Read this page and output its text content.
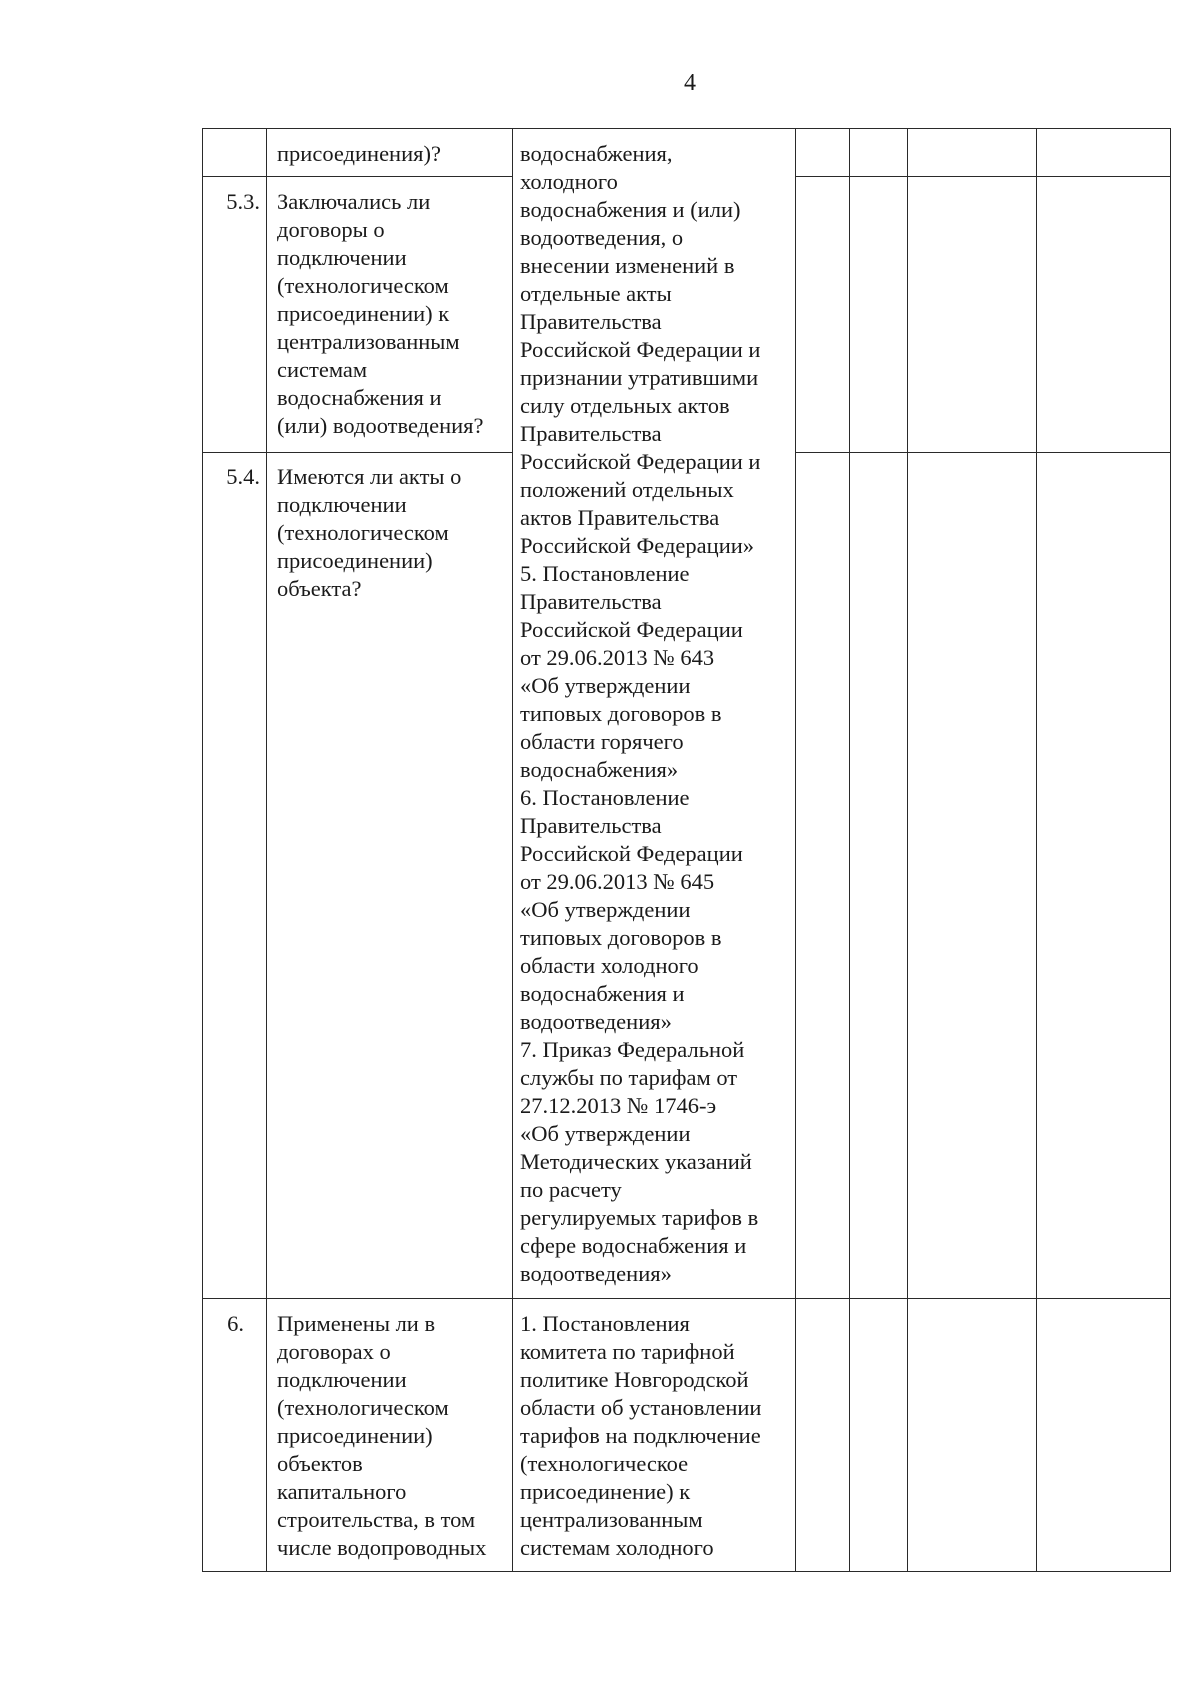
4
присоединения)?
5.3. Заключались ли
договоры о
подключении
(технологическом
присоединении) к
централизованным
системам
водоснабжения и
(или) водоотведения?
5.4. Имеются ли акты о
подключении
(технологическом
присоединении)
объекта?
6. Применены ли в
договорах о
подключении
(технологическом
присоединении)
объектов
капитального
строительства, в том
числе водопроводных
водоснабжения,
холодного
водоснабжения и (или)
водоотведения, о
внесении изменений в
отдельные акты
Правительства
Российской Федерации и
признании утратившими
силу отдельных актов
Правительства
Российской Федерации и
положений отдельных
актов Правительства
Российской Федерации»
5. Постановление
Правительства
Российской Федерации
от 29.06.2013 № 643
«Об утверждении
типовых договоров в
области горячего
водоснабжения»
6. Постановление
Правительства
Российской Федерации
от 29.06.2013 № 645
«Об утверждении
типовых договоров в
области холодного
водоснабжения и
водоотведения»
7. Приказ Федеральной
службы по тарифам от
27.12.2013 № 1746-э
«Об утверждении
Методических указаний
по расчету
регулируемых тарифов в
сфере водоснабжения и
водоотведения»
1. Постановления
комитета по тарифной
политике Новгородской
области об установлении
тарифов на подключение
(технологическое
присоединение) к
централизованным
системам холодного
